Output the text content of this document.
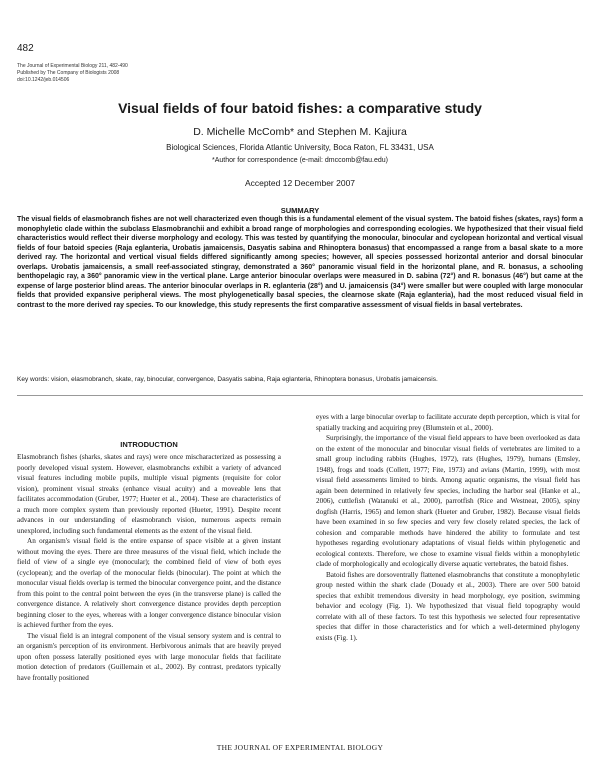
482
The Journal of Experimental Biology 211, 482-490
Published by The Company of Biologists 2008
doi:10.1242/jeb.014506
Visual fields of four batoid fishes: a comparative study
D. Michelle McComb* and Stephen M. Kajiura
Biological Sciences, Florida Atlantic University, Boca Raton, FL 33431, USA
*Author for correspondence (e-mail: dmccomb@fau.edu)
Accepted 12 December 2007
SUMMARY

The visual fields of elasmobranch fishes are not well characterized even though this is a fundamental element of the visual system. The batoid fishes (skates, rays) form a monophyletic clade within the subclass Elasmobranchii and exhibit a broad range of morphologies and corresponding ecologies. We hypothesized that their visual field characteristics would reflect their diverse morphology and ecology. This was tested by quantifying the monocular, binocular and cyclopean horizontal and vertical visual fields of four batoid species (Raja eglanteria, Urobatis jamaicensis, Dasyatis sabina and Rhinoptera bonasus) that encompassed a range from a basal skate to a more derived ray. The horizontal and vertical visual fields differed significantly among species; however, all species possessed horizontal anterior and dorsal binocular overlaps. Urobatis jamaicensis, a small reef-associated stingray, demonstrated a 360° panoramic visual field in the horizontal plane, and R. bonasus, a schooling benthopelagic ray, a 360° panoramic view in the vertical plane. Large anterior binocular overlaps were measured in D. sabina (72°) and R. bonasus (46°) but came at the expense of large posterior blind areas. The anterior binocular overlaps in R. eglanteria (28°) and U. jamaicensis (34°) were smaller but were coupled with large monocular fields that provided expansive peripheral views. The most phylogenetically basal species, the clearnose skate (Raja eglanteria), had the most reduced visual field in contrast to the more derived ray species. To our knowledge, this study represents the first comparative assessment of visual fields in basal vertebrates.

Key words: vision, elasmobranch, skate, ray, binocular, convergence, Dasyatis sabina, Raja eglanteria, Rhinoptera bonasus, Urobatis jamaicensis.

INTRODUCTION

Elasmobranch fishes (sharks, skates and rays) were once mischaracterized as possessing a poorly developed visual system. However, elasmobranchs exhibit a variety of advanced visual features including mobile pupils, multiple visual pigments (requisite for color vision), prominent visual streaks (enhance visual acuity) and a moveable lens that facilitates accommodation (Gruber, 1977; Hueter et al., 2004). These are characteristics of a much more complex system than previously reported (Hueter, 1991). Despite recent advances in our understanding of elasmobranch vision, numerous aspects remain unexplored, including such fundamental elements as the extent of the visual field.

An organism's visual field is the entire expanse of space visible at a given instant without moving the eyes. There are three measures of the visual field, which include the field of view of a single eye (monocular); the combined field of view of both eyes (cyclopean); and the overlap of the monocular fields (binocular). The point at which the monocular visual fields overlap is termed the binocular convergence point, and the distance from this point to the central point between the eyes (in the transverse plane) is called the convergence distance. A relatively short convergence distance provides depth perception beginning closer to the eyes, whereas with a longer convergence distance binocular vision is achieved further from the eyes.

The visual field is an integral component of the visual sensory system and is central to an organism's perception of its environment. Herbivorous animals that are heavily preyed upon often possess laterally positioned eyes with large monocular fields that facilitate motion detection of predators (Guillemain et al., 2002). By contrast, predators typically have frontally positioned

eyes with a large binocular overlap to facilitate accurate depth perception, which is vital for spatially tracking and acquiring prey (Blumstein et al., 2000).

Surprisingly, the importance of the visual field appears to have been overlooked as data on the extent of the monocular and binocular visual fields of vertebrates are limited to a small group including rabbits (Hughes, 1972), rats (Hughes, 1979), humans (Emsley, 1948), frogs and toads (Collett, 1977; Fite, 1973) and avians (Martin, 1999), with most visual field assessments limited to birds. Among aquatic organisms, the visual field has again been determined in relatively few species, including the harbor seal (Hanke et al., 2006), cuttlefish (Watanuki et al., 2000), parrotfish (Rice and Westneat, 2005), spiny dogfish (Harris, 1965) and lemon shark (Hueter and Gruber, 1982). Because visual fields have been examined in so few species and very few closely related species, the lack of cohesion and comparable methods have hindered the ability to formulate and test hypotheses regarding evolutionary adaptations of visual fields within phylogenetic and ecological contexts. Therefore, we chose to examine visual fields within a monophyletic clade of morphologically and ecologically diverse aquatic vertebrates, the batoid fishes.

Batoid fishes are dorsoventrally flattened elasmobranchs that constitute a monophyletic group nested within the shark clade (Douady et al., 2003). There are over 500 batoid species that exhibit tremendous diversity in head morphology, eye position, swimming behavior and ecology (Fig. 1). We hypothesized that visual field topography would correlate with all of these factors. To test this hypothesis we selected four representative species that differ in those characteristics and for which a well-determined phylogeny exists (Fig. 1).

THE JOURNAL OF EXPERIMENTAL BIOLOGY
